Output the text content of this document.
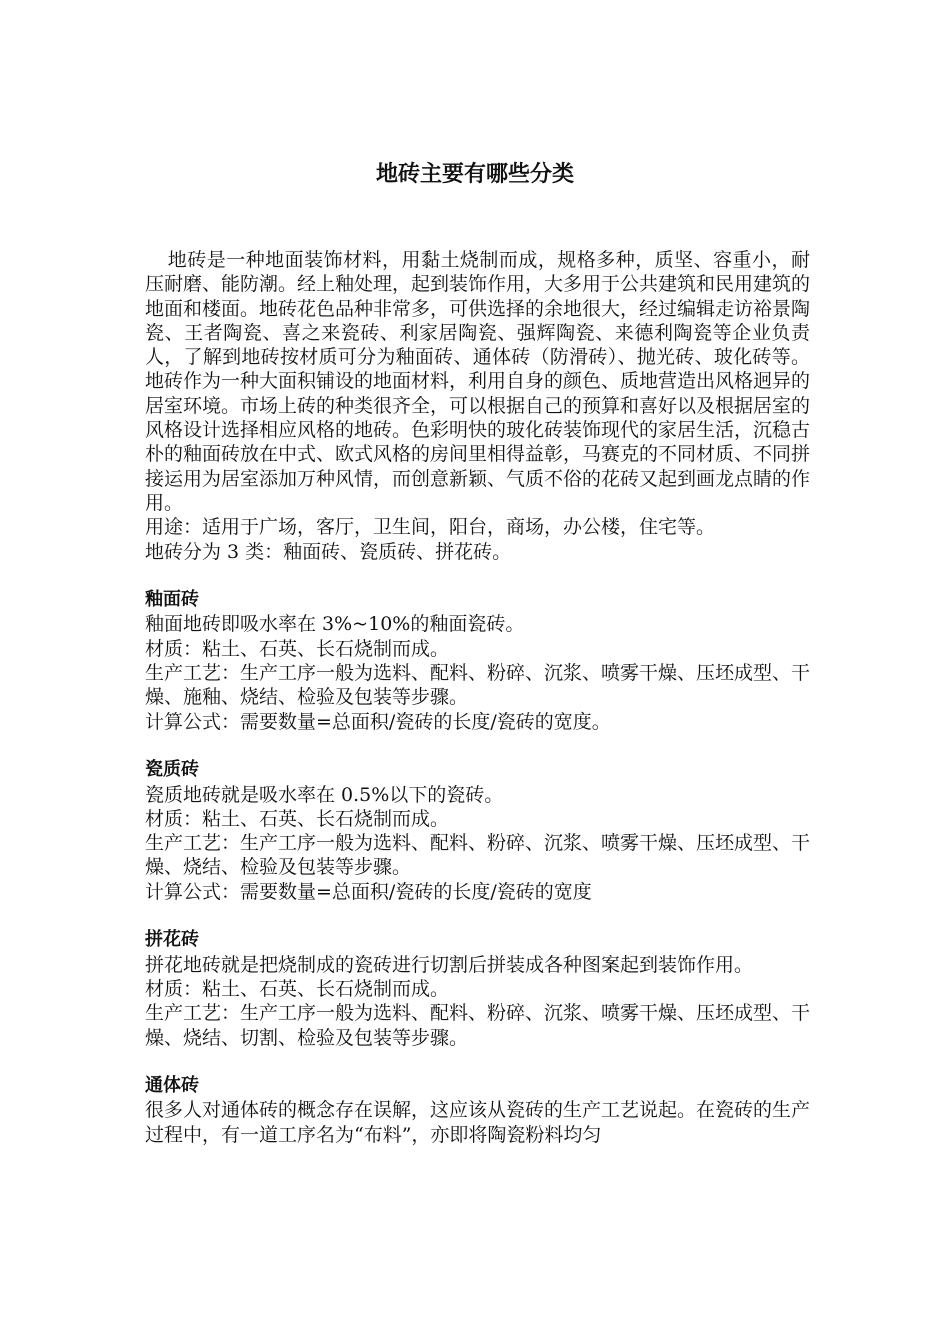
地砖主要有哪些分类

地砖是一种地面装饰材料，用黏土烧制而成，规格多种，质坚、容重小，耐压耐磨、能防潮。经上釉处理，起到装饰作用，大多用于公共建筑和民用建筑的地面和楼面。地砖花色品种非常多，可供选择的余地很大，经过编辑走访裕景陶瓷、王者陶瓷、喜之来瓷砖、利家居陶瓷、强辉陶瓷、来德利陶瓷等企业负责人，了解到地砖按材质可分为釉面砖、通体砖（防滑砖）、抛光砖、玻化砖等。地砖作为一种大面积铺设的地面材料，利用自身的颜色、质地营造出风格迥异的居室环境。市场上砖的种类很齐全，可以根据自己的预算和喜好以及根据居室的风格设计选择相应风格的地砖。色彩明快的玻化砖装饰现代的家居生活，沉稳古朴的釉面砖放在中式、欧式风格的房间里相得益彰，马赛克的不同材质、不同拼接运用为居室添加万种风情，而创意新颖、气质不俗的花砖又起到画龙点睛的作用。

用途：适用于广场，客厅，卫生间，阳台，商场，办公楼，住宅等。

地砖分为 3 类：釉面砖、瓷质砖、拼花砖。

釉面砖

釉面地砖即吸水率在 3%~10%的釉面瓷砖。

材质：粘土、石英、长石烧制而成。

生产工艺：生产工序一般为选料、配料、粉碎、沉浆、喷雾干燥、压坯成型、干燥、施釉、烧结、检验及包装等步骤。

计算公式：需要数量=总面积/瓷砖的长度/瓷砖的宽度。

瓷质砖

瓷质地砖就是吸水率在 0.5%以下的瓷砖。

材质：粘土、石英、长石烧制而成。

生产工艺：生产工序一般为选料、配料、粉碎、沉浆、喷雾干燥、压坯成型、干燥、烧结、检验及包装等步骤。

计算公式：需要数量=总面积/瓷砖的长度/瓷砖的宽度

拼花砖

拼花地砖就是把烧制成的瓷砖进行切割后拼装成各种图案起到装饰作用。

材质：粘土、石英、长石烧制而成。

生产工艺：生产工序一般为选料、配料、粉碎、沉浆、喷雾干燥、压坯成型、干燥、烧结、切割、检验及包装等步骤。

通体砖

很多人对通体砖的概念存在误解，这应该从瓷砖的生产工艺说起。在瓷砖的生产过程中，有一道工序名为“布料”，亦即将陶瓷粉料均匀
